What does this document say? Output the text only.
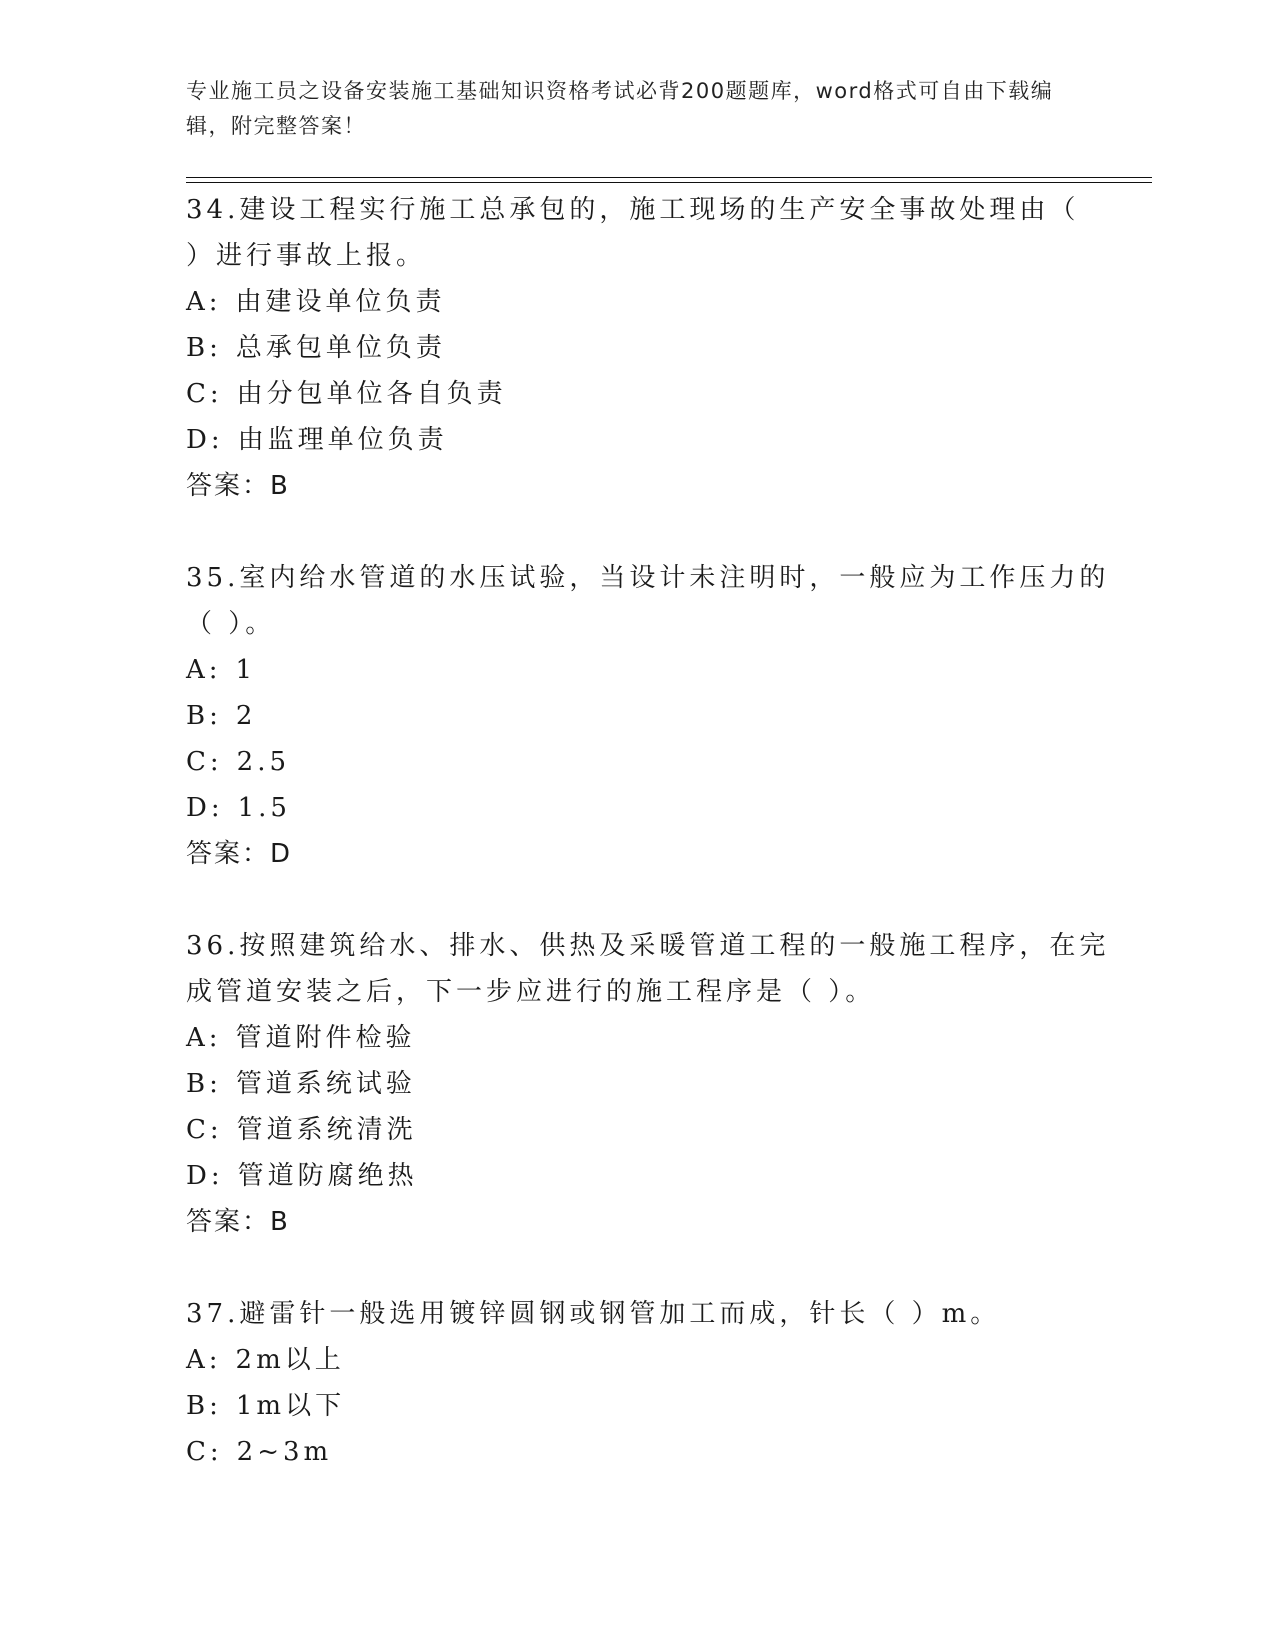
专业施工员之设备安装施工基础知识资格考试必背200题题库，word格式可自由下载编辑，附完整答案！
34.建设工程实行施工总承包的，施工现场的生产安全事故处理由（
）进行事故上报。
A: 由建设单位负责
B: 总承包单位负责
C: 由分包单位各自负责
D: 由监理单位负责
答案：B
35.室内给水管道的水压试验，当设计未注明时，一般应为工作压力的
（ ）。
A: 1
B: 2
C: 2.5
D: 1.5
答案：D
36.按照建筑给水、排水、供热及采暖管道工程的一般施工程序，在完
成管道安装之后，下一步应进行的施工程序是（ ）。
A: 管道附件检验
B: 管道系统试验
C: 管道系统清洗
D: 管道防腐绝热
答案：B
37.避雷针一般选用镀锌圆钢或钢管加工而成，针长（ ）m。
A: 2m以上
B: 1m以下
C: 2~3m
